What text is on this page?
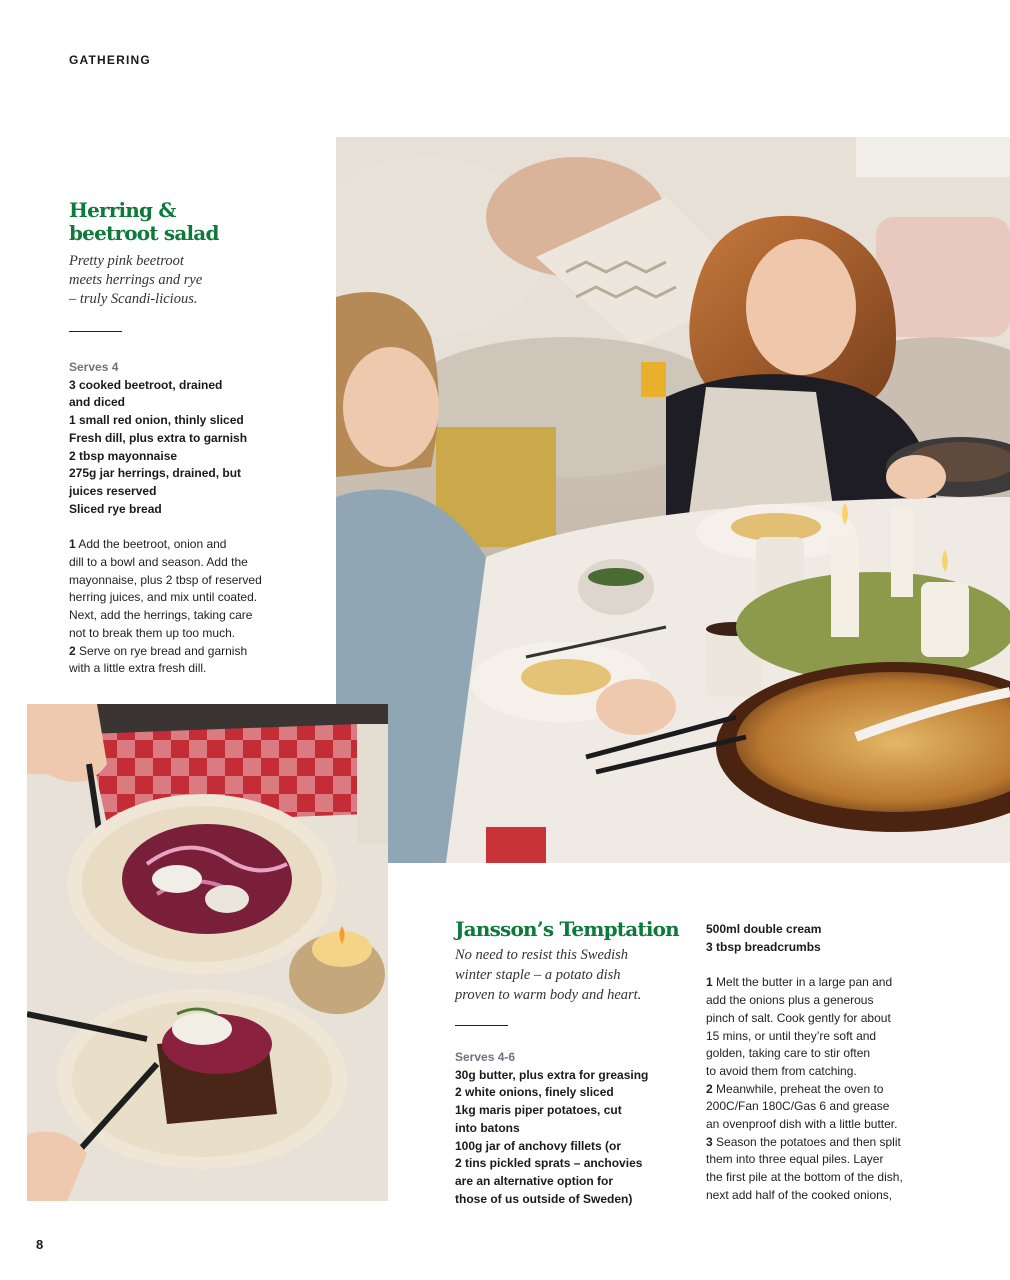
GATHERING
Herring &
beetroot salad
Pretty pink beetroot
meets herrings and rye
– truly Scandi-licious.
Serves 4
3 cooked beetroot, drained
and diced
1 small red onion, thinly sliced
Fresh dill, plus extra to garnish
2 tbsp mayonnaise
275g jar herrings, drained, but
juices reserved
Sliced rye bread
1 Add the beetroot, onion and
dill to a bowl and season. Add the
mayonnaise, plus 2 tbsp of reserved
herring juices, and mix until coated.
Next, add the herrings, taking care
not to break them up too much.
2 Serve on rye bread and garnish
with a little extra fresh dill.
Jansson’s Temptation
No need to resist this Swedish
winter staple – a potato dish
proven to warm body and heart.
Serves 4-6
30g butter, plus extra for greasing
2 white onions, finely sliced
1kg maris piper potatoes, cut
into batons
100g jar of anchovy fillets (or
2 tins pickled sprats – anchovies
are an alternative option for
those of us outside of Sweden)
500ml double cream
3 tbsp breadcrumbs
1 Melt the butter in a large pan and
add the onions plus a generous
pinch of salt. Cook gently for about
15 mins, or until they’re soft and
golden, taking care to stir often
to avoid them from catching.
2 Meanwhile, preheat the oven to
200C/Fan 180C/Gas 6 and grease
an ovenproof dish with a little butter.
3 Season the potatoes and then split
them into three equal piles. Layer
the first pile at the bottom of the dish,
next add half of the cooked onions,
8
